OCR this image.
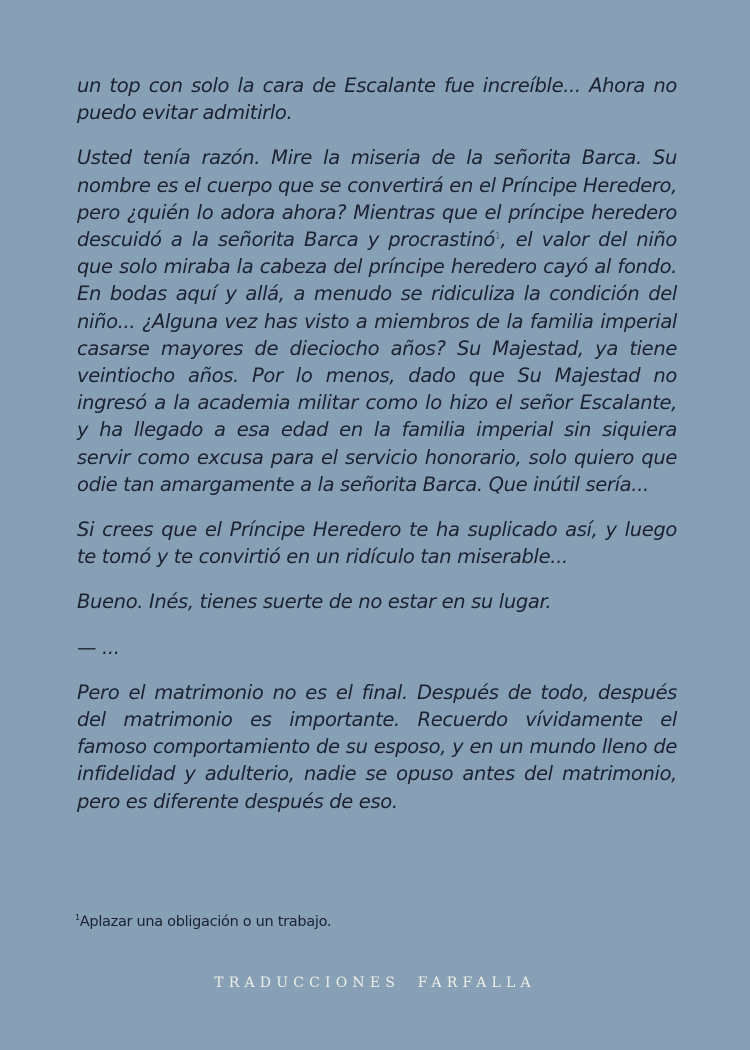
un top con solo la cara de Escalante fue increíble... Ahora no puedo evitar admitirlo.

Usted tenía razón. Mire la miseria de la señorita Barca. Su nombre es el cuerpo que se convertirá en el Príncipe Heredero, pero ¿quién lo adora ahora? Mientras que el príncipe heredero descuidó a la señorita Barca y procrastinó$^1$, el valor del niño que solo miraba la cabeza del príncipe heredero cayó al fondo. En bodas aquí y allá, a menudo se ridiculiza la condición del niño... ¿Alguna vez has visto a miembros de la familia imperial casarse mayores de dieciocho años? Su Majestad, ya tiene veintiocho años. Por lo menos, dado que Su Majestad no ingresó a la academia militar como lo hizo el señor Escalante, y ha llegado a esa edad en la familia imperial sin siquiera servir como excusa para el servicio honorario, solo quiero que odie tan amargamente a la señorita Barca. Que inútil sería...

Si crees que el Príncipe Heredero te ha suplicado así, y luego te tomó y te convirtió en un ridículo tan miserable...

Bueno. Inés, tienes suerte de no estar en su lugar.

— ...

Pero el matrimonio no es el final. Después de todo, después del matrimonio es importante. Recuerdo vívidamente el famoso comportamiento de su esposo, y en un mundo lleno de infidelidad y adulterio, nadie se opuso antes del matrimonio, pero es diferente después de eso.

$^1$Aplazar una obligación o un trabajo.
TRADUCCIONES FARFALLA
